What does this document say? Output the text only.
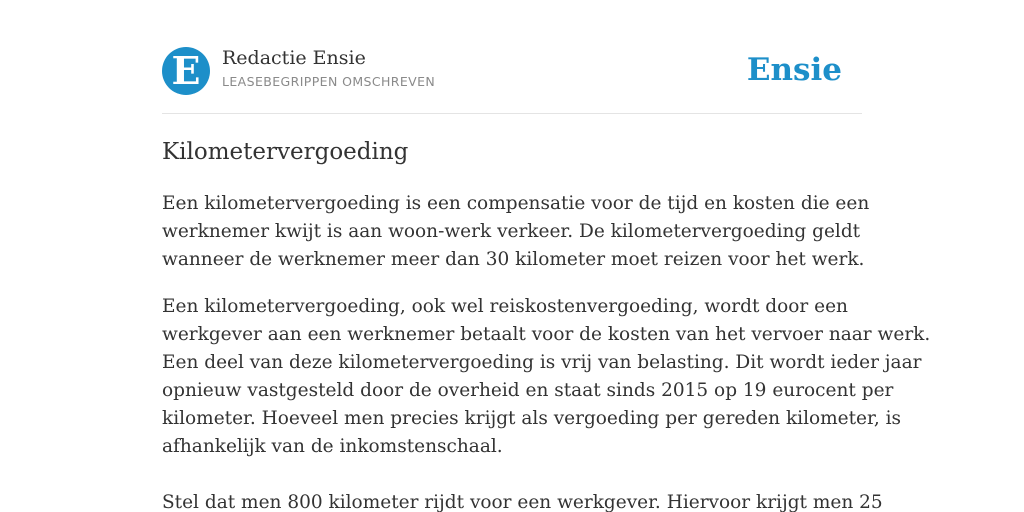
E	Redactie Ensie
LEASEBEGRIPPEN OMSCHREVEN	Ensie
Kilometervergoeding

Een kilometervergoeding is een compensatie voor de tijd en kosten die een
werknemer kwijt is aan woon-werk verkeer. De kilometervergoeding geldt
wanneer de werknemer meer dan 30 kilometer moet reizen voor het werk.

Een kilometervergoeding, ook wel reiskostenvergoeding, wordt door een
werkgever aan een werknemer betaalt voor de kosten van het vervoer naar werk.
Een deel van deze kilometervergoeding is vrij van belasting. Dit wordt ieder jaar
opnieuw vastgesteld door de overheid en staat sinds 2015 op 19 eurocent per
kilometer. Hoeveel men precies krijgt als vergoeding per gereden kilometer, is
afhankelijk van de inkomstenschaal.

Stel dat men 800 kilometer rijdt voor een werkgever. Hiervoor krijgt men 25
